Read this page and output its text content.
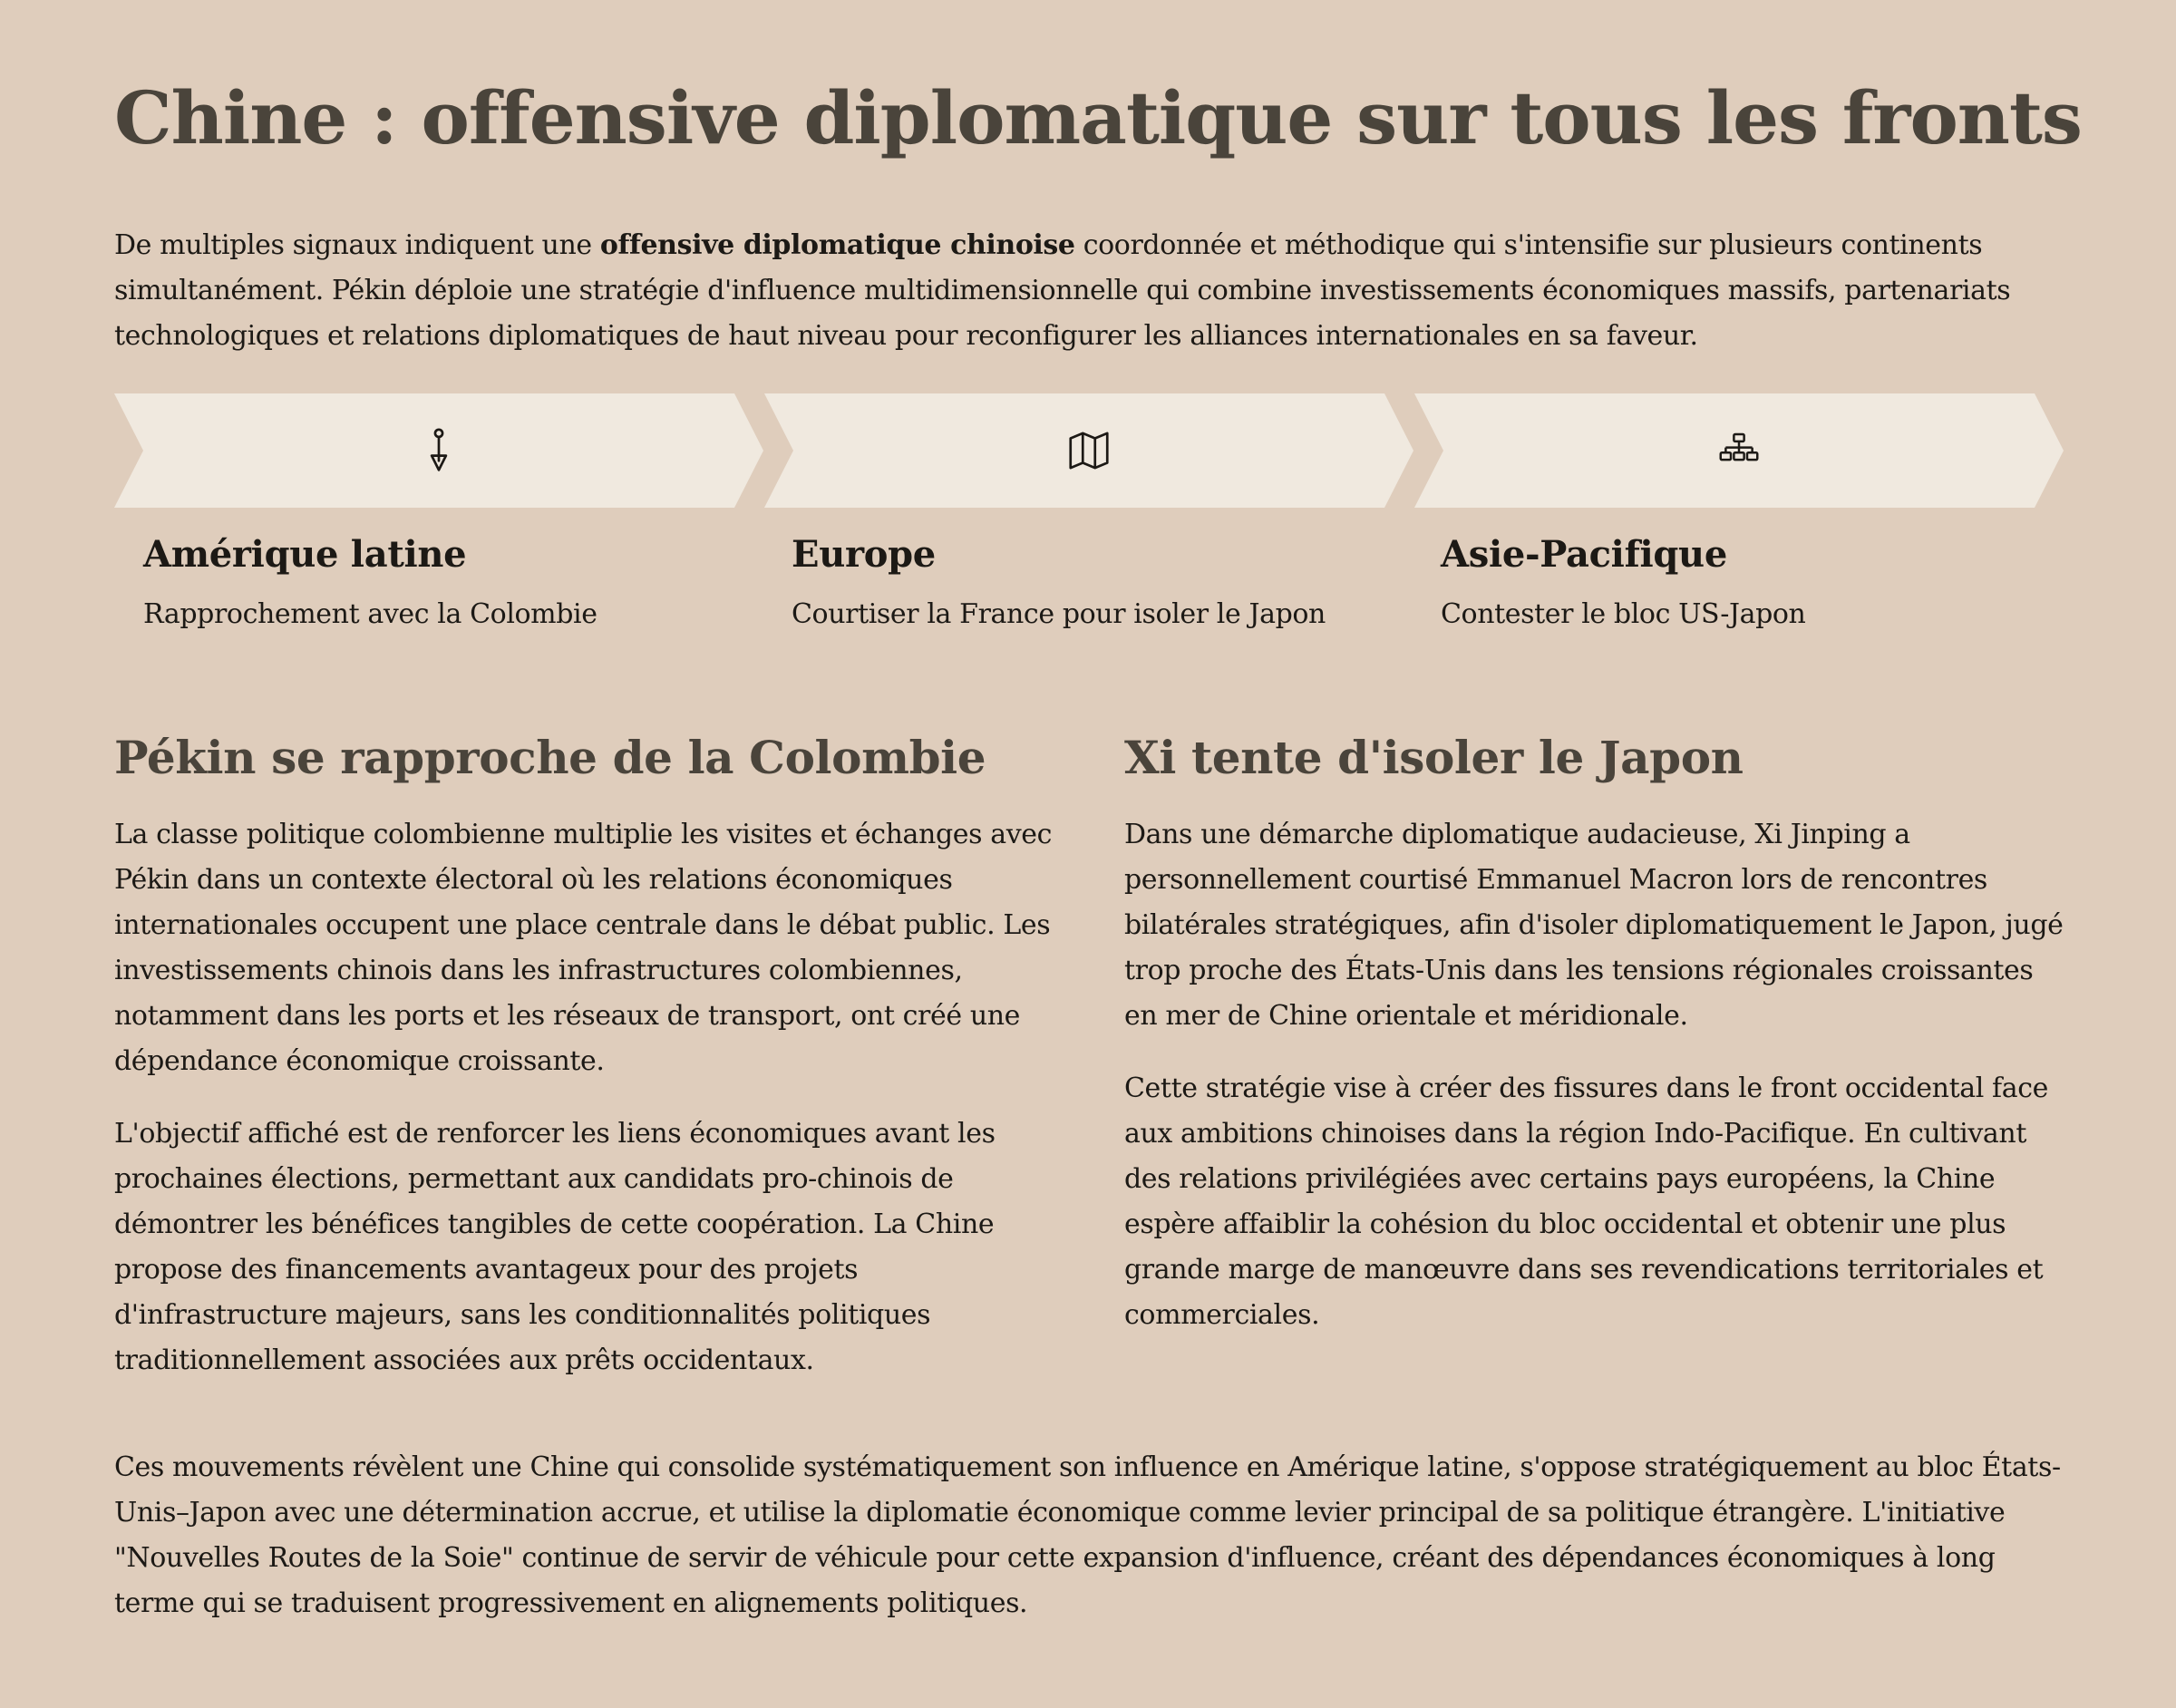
Chine : offensive diplomatique sur tous les fronts

De multiples signaux indiquent une offensive diplomatique chinoise coordonnée et méthodique qui s'intensifie sur plusieurs continents simultanément. Pékin déploie une stratégie d'influence multidimensionnelle qui combine investissements économiques massifs, partenariats technologiques et relations diplomatiques de haut niveau pour reconfigurer les alliances internationales en sa faveur.

Amérique latine

Rapprochement avec la Colombie

Europe

Courtiser la France pour isoler le Japon

Asie-Pacifique

Contester le bloc US-Japon

Pékin se rapproche de la Colombie

La classe politique colombienne multiplie les visites et échanges avec Pékin dans un contexte électoral où les relations économiques internationales occupent une place centrale dans le débat public. Les investissements chinois dans les infrastructures colombiennes, notamment dans les ports et les réseaux de transport, ont créé une dépendance économique croissante.

L'objectif affiché est de renforcer les liens économiques avant les prochaines élections, permettant aux candidats pro-chinois de démontrer les bénéfices tangibles de cette coopération. La Chine propose des financements avantageux pour des projets d'infrastructure majeurs, sans les conditionnalités politiques traditionnellement associées aux prêts occidentaux.

Xi tente d'isoler le Japon

Dans une démarche diplomatique audacieuse, Xi Jinping a personnellement courtisé Emmanuel Macron lors de rencontres bilatérales stratégiques, afin d'isoler diplomatiquement le Japon, jugé trop proche des États-Unis dans les tensions régionales croissantes en mer de Chine orientale et méridionale.

Cette stratégie vise à créer des fissures dans le front occidental face aux ambitions chinoises dans la région Indo-Pacifique. En cultivant des relations privilégiées avec certains pays européens, la Chine espère affaiblir la cohésion du bloc occidental et obtenir une plus grande marge de manœuvre dans ses revendications territoriales et commerciales.

Ces mouvements révèlent une Chine qui consolide systématiquement son influence en Amérique latine, s'oppose stratégiquement au bloc États-Unis–Japon avec une détermination accrue, et utilise la diplomatie économique comme levier principal de sa politique étrangère. L'initiative "Nouvelles Routes de la Soie" continue de servir de véhicule pour cette expansion d'influence, créant des dépendances économiques à long terme qui se traduisent progressivement en alignements politiques.
